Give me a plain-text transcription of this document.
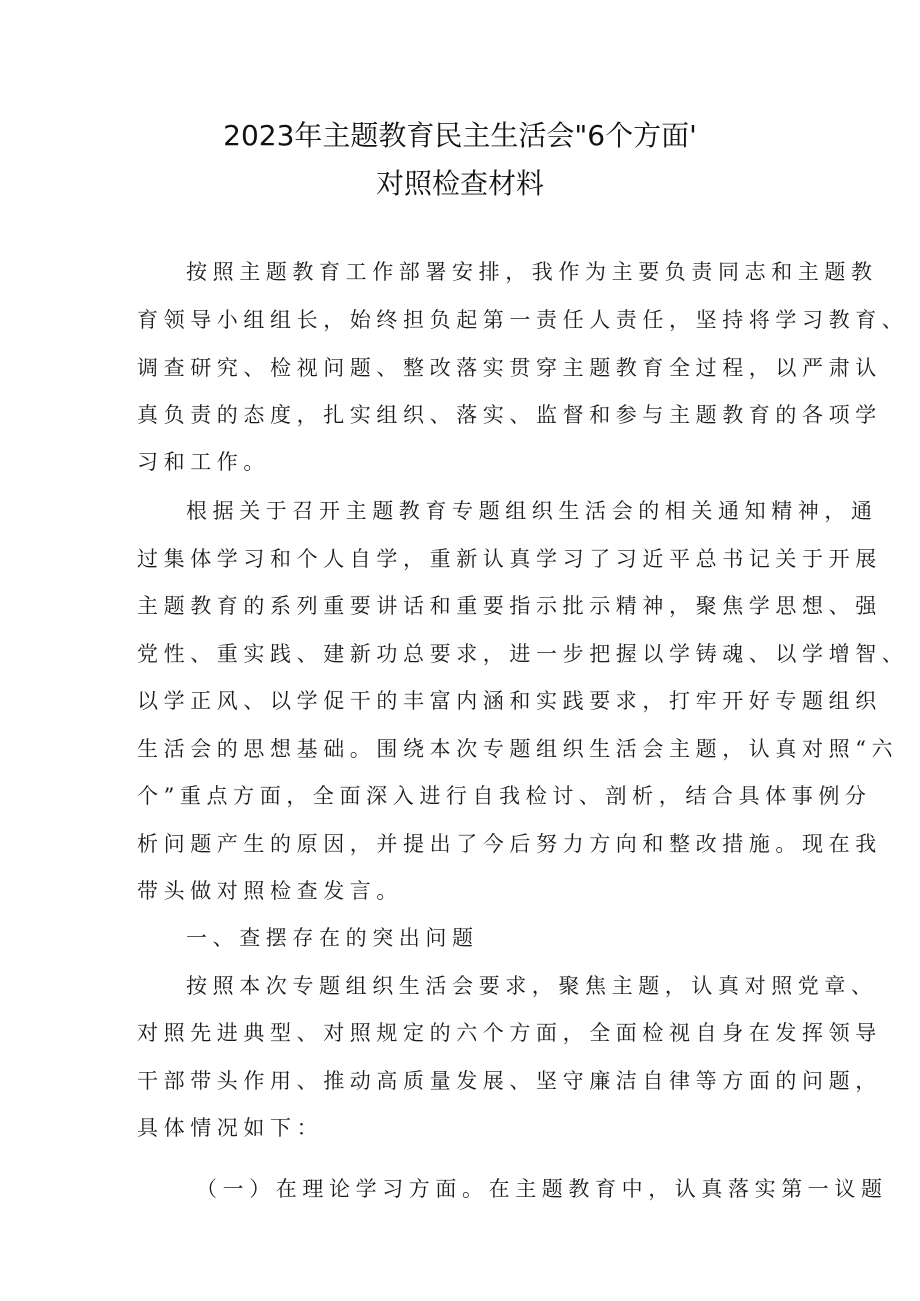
2023年主题教育民主生活会"6个方面'
对照检查材料
按照主题教育工作部署安排，我作为主要负责同志和主题教
育领导小组组长，始终担负起第一责任人责任，坚持将学习教育、
调查研究、检视问题、整改落实贯穿主题教育全过程，以严肃认
真负责的态度，扎实组织、落实、监督和参与主题教育的各项学
习和工作。
根据关于召开主题教育专题组织生活会的相关通知精神，通
过集体学习和个人自学，重新认真学习了习近平总书记关于开展
主题教育的系列重要讲话和重要指示批示精神，聚焦学思想、强
党性、重实践、建新功总要求，进一步把握以学铸魂、以学增智、
以学正风、以学促干的丰富内涵和实践要求，打牢开好专题组织
生活会的思想基础。围绕本次专题组织生活会主题，认真对照“六
个”重点方面，全面深入进行自我检讨、剖析，结合具体事例分
析问题产生的原因，并提出了今后努力方向和整改措施。现在我
带头做对照检查发言。
一、查摆存在的突出问题
按照本次专题组织生活会要求，聚焦主题，认真对照党章、
对照先进典型、对照规定的六个方面，全面检视自身在发挥领导
干部带头作用、推动高质量发展、坚守廉洁自律等方面的问题，
具体情况如下：
（一）在理论学习方面。在主题教育中，认真落实第一议题
